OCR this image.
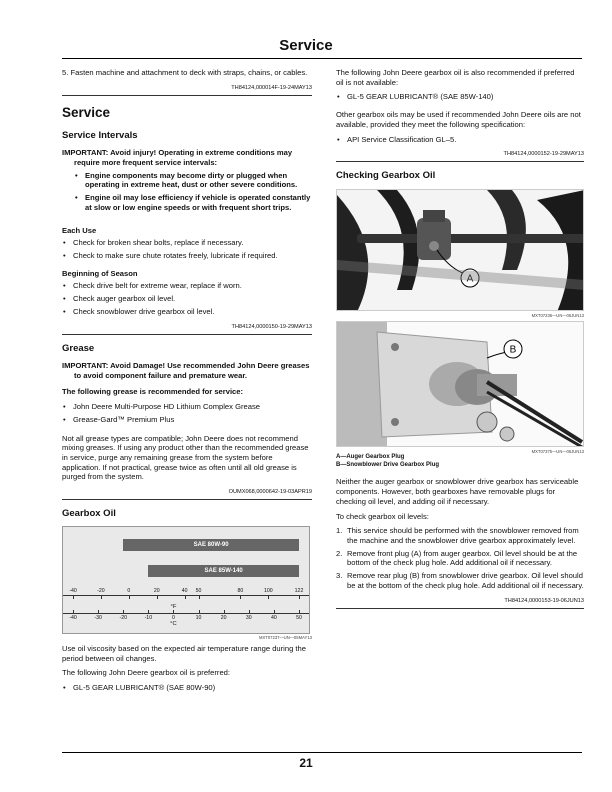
Service

5. Fasten machine and attachment to deck with straps, chains, or cables.

TH84124,000014F-19-24MAY13
Service
Service Intervals

IMPORTANT: Avoid injury! Operating in extreme conditions may require more frequent service intervals:

• Engine components may become dirty or plugged when operating in extreme heat, dust or other severe conditions.
• Engine oil may lose efficiency if vehicle is operated constantly at slow or low engine speeds or with frequent short trips.
Each Use
• Check for broken shear bolts, replace if necessary.
• Check to make sure chute rotates freely, lubricate if required.
Beginning of Season
• Check drive belt for extreme wear, replace if worn.
• Check auger gearbox oil level.
• Check snowblower drive gearbox oil level.
TH84124,0000150-19-29MAY13
Grease

IMPORTANT: Avoid Damage! Use recommended John Deere greases to avoid component failure and premature wear.

The following grease is recommended for service:

• John Deere Multi-Purpose HD Lithium Complex Grease
• Grease-Gard™ Premium Plus

Not all grease types are compatible; John Deere does not recommend mixing greases. If using any product other than the recommended grease in service, purge any remaining grease from the system before application. If not practical, grease twice as often until all old grease is purged from the system.

OUMX068,0000642-19-03APR19
Gearbox Oil
SAE 80W-90
SAE 85W-140
-40	-20	0	20	40 50	80	100	122
-40	-30	-20	-10	0	10	20	30	40	50
°F
°C
MXT07237—UN—05MAY13

Use oil viscosity based on the expected air temperature range during the period between oil changes.

The following John Deere gearbox oil is preferred:

• GL-5 GEAR LUBRICANT® (SAE 80W-90)

The following John Deere gearbox oil is also recommended if preferred oil is not available:

• GL-5 GEAR LUBRICANT® (SAE 85W-140)

Other gearbox oils may be used if recommended John Deere oils are not available, provided they meet the following specification:

• API Service Classification GL–5.
TH84124,0000152-19-29MAY13
Checking Gearbox Oil
A
MXT07236—UN—06JUN13
B
MXT07375—UN—06JUN13
A—Auger Gearbox Plug
B—Snowblower Drive Gearbox Plug

Neither the auger gearbox or snowblower drive gearbox has serviceable components. However, both gearboxes have removable plugs for checking oil level, and adding oil if necessary.

To check gearbox oil levels:

1. This service should be performed with the snowblower removed from the machine and the snowblower drive gearbox approximately level.
2. Remove front plug (A) from auger gearbox. Oil level should be at the bottom of the check plug hole. Add additional oil if necessary.
3. Remove rear plug (B) from snowblower drive gearbox. Oil level should be at the bottom of the check plug hole. Add additional oil if necessary.
TH84124,0000153-19-06JUN13
21
